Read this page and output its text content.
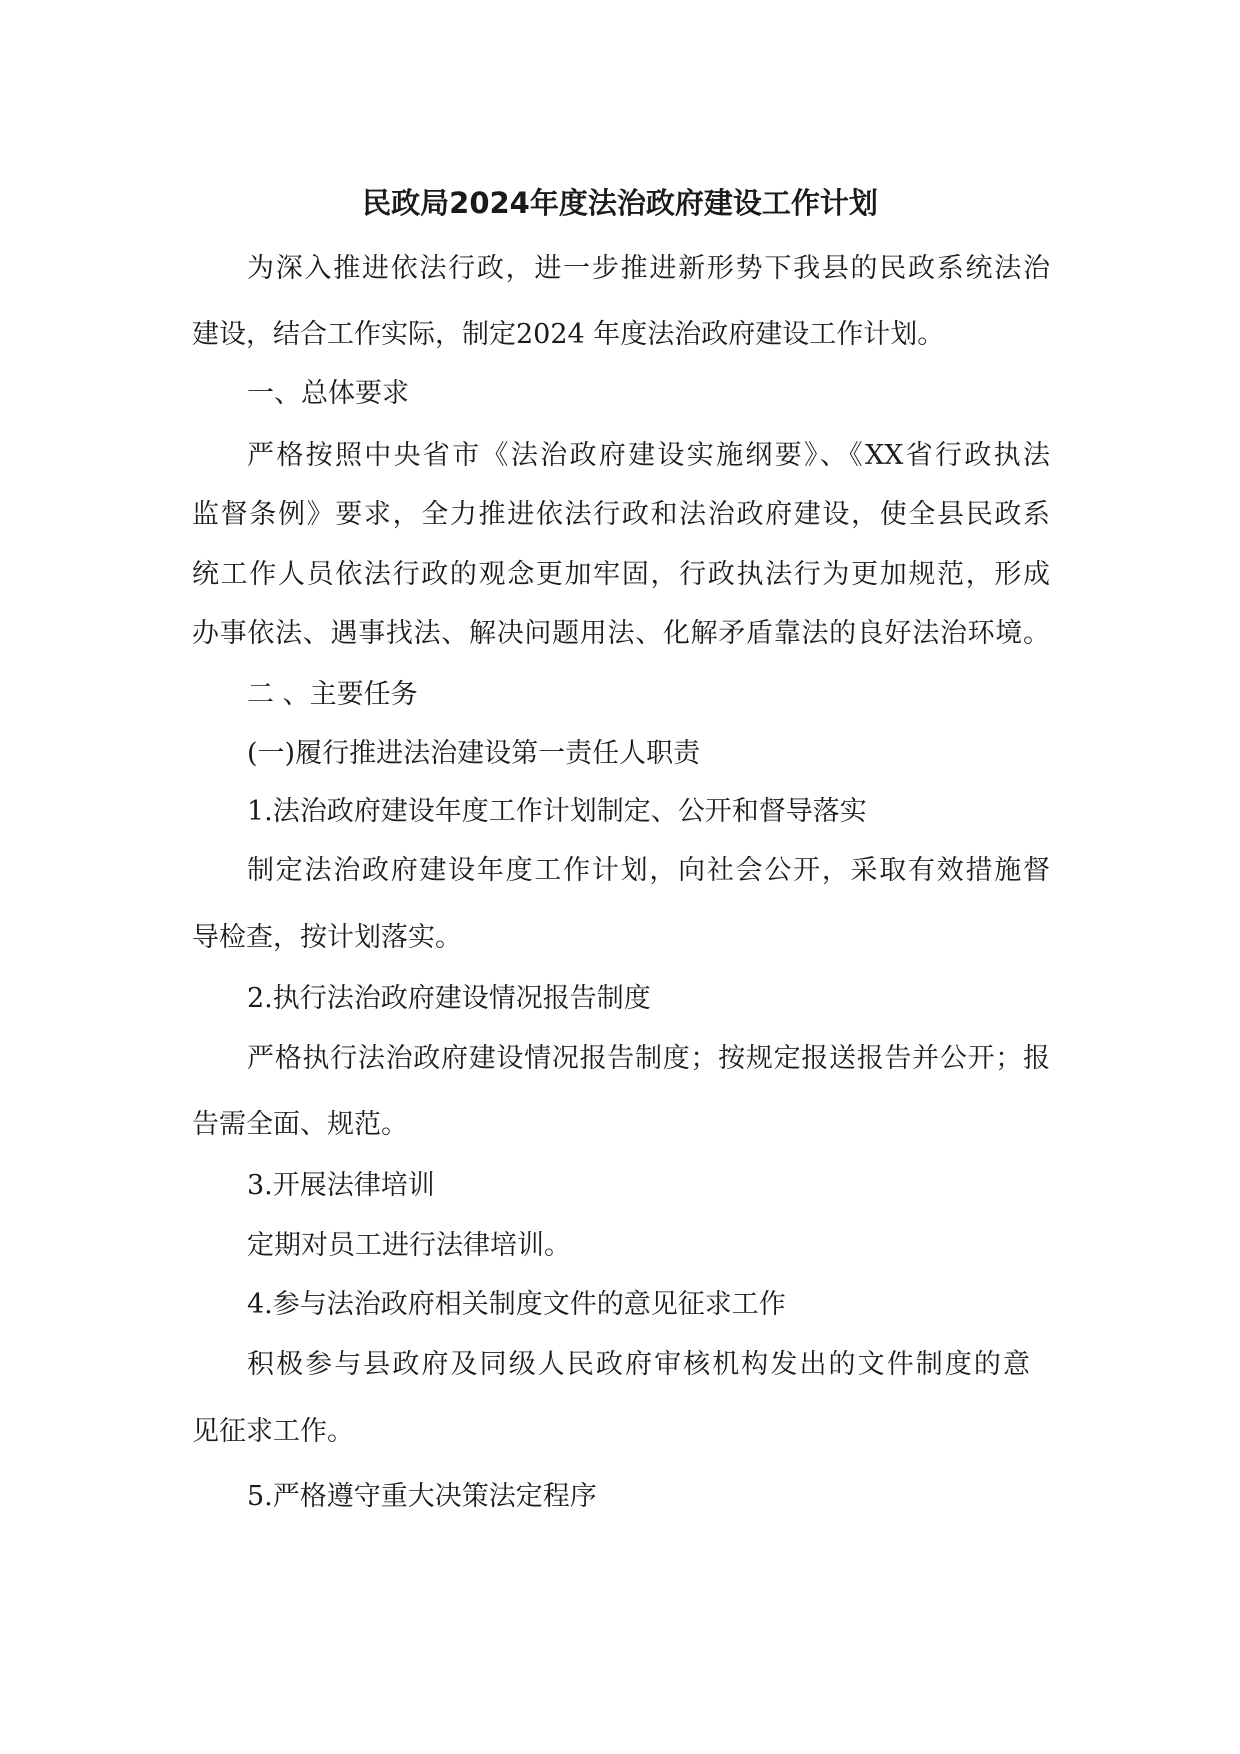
民政局2024年度法治政府建设工作计划
为深入推进依法行政，进一步推进新形势下我县的民政系统法治
建设，结合工作实际，制定2024 年度法治政府建设工作计划。
一、总体要求
严格按照中央省市《法治政府建设实施纲要》、《XX省行政执法
监督条例》要求，全力推进依法行政和法治政府建设，使全县民政系
统工作人员依法行政的观念更加牢固，行政执法行为更加规范，形成
办事依法、遇事找法、解决问题用法、化解矛盾靠法的良好法治环境。
二 、主要任务
(一)履行推进法治建设第一责任人职责
1.法治政府建设年度工作计划制定、公开和督导落实
制定法治政府建设年度工作计划，向社会公开，采取有效措施督
导检查，按计划落实。
2.执行法治政府建设情况报告制度
严格执行法治政府建设情况报告制度；按规定报送报告并公开；报
告需全面、规范。
3.开展法律培训
定期对员工进行法律培训。
4.参与法治政府相关制度文件的意见征求工作
积极参与县政府及同级人民政府审核机构发出的文件制度的意
见征求工作。
5.严格遵守重大决策法定程序
